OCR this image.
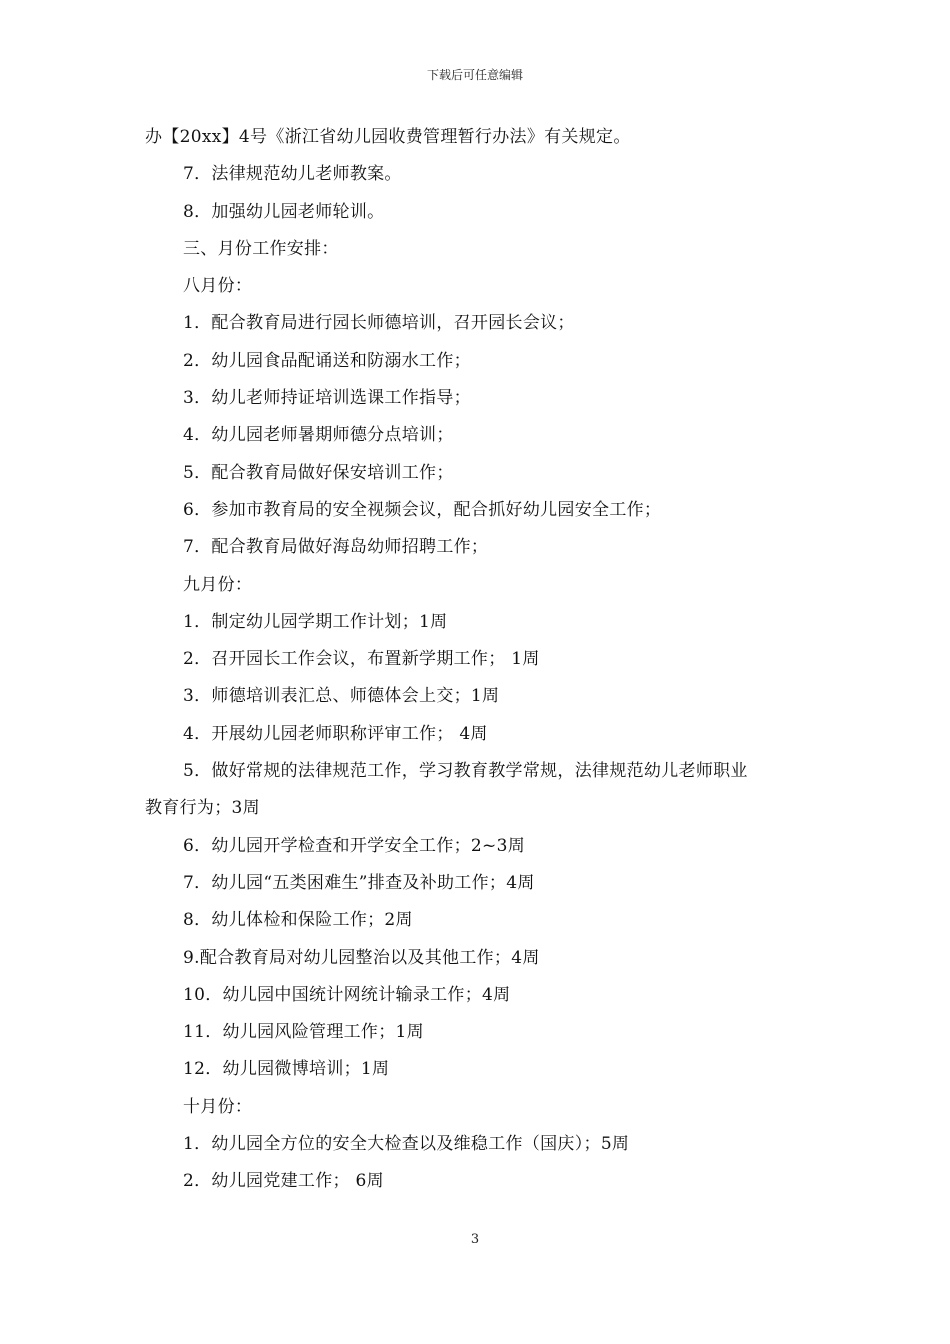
下载后可任意编辑
办【20xx】4号《浙江省幼儿园收费管理暂行办法》有关规定。
7．法律规范幼儿老师教案。
8．加强幼儿园老师轮训。
三、月份工作安排：
八月份：
1．配合教育局进行园长师德培训，召开园长会议；
2．幼儿园食品配诵送和防溺水工作；
3．幼儿老师持证培训选课工作指导；
4．幼儿园老师暑期师德分点培训；
5．配合教育局做好保安培训工作；
6．参加市教育局的安全视频会议，配合抓好幼儿园安全工作；
7．配合教育局做好海岛幼师招聘工作；
九月份：
1．制定幼儿园学期工作计划；1周
2．召开园长工作会议，布置新学期工作； 1周
3．师德培训表汇总、师德体会上交；1周
4．开展幼儿园老师职称评审工作； 4周
5．做好常规的法律规范工作，学习教育教学常规，法律规范幼儿老师职业
教育行为；3周
6．幼儿园开学检查和开学安全工作；2~3周
7．幼儿园“五类困难生”排查及补助工作；4周
8．幼儿体检和保险工作；2周
9.配合教育局对幼儿园整治以及其他工作；4周
10．幼儿园中国统计网统计输录工作；4周
11．幼儿园风险管理工作；1周
12．幼儿园微博培训；1周
十月份：
1．幼儿园全方位的安全大检查以及维稳工作（国庆）；5周
2．幼儿园党建工作； 6周
3
